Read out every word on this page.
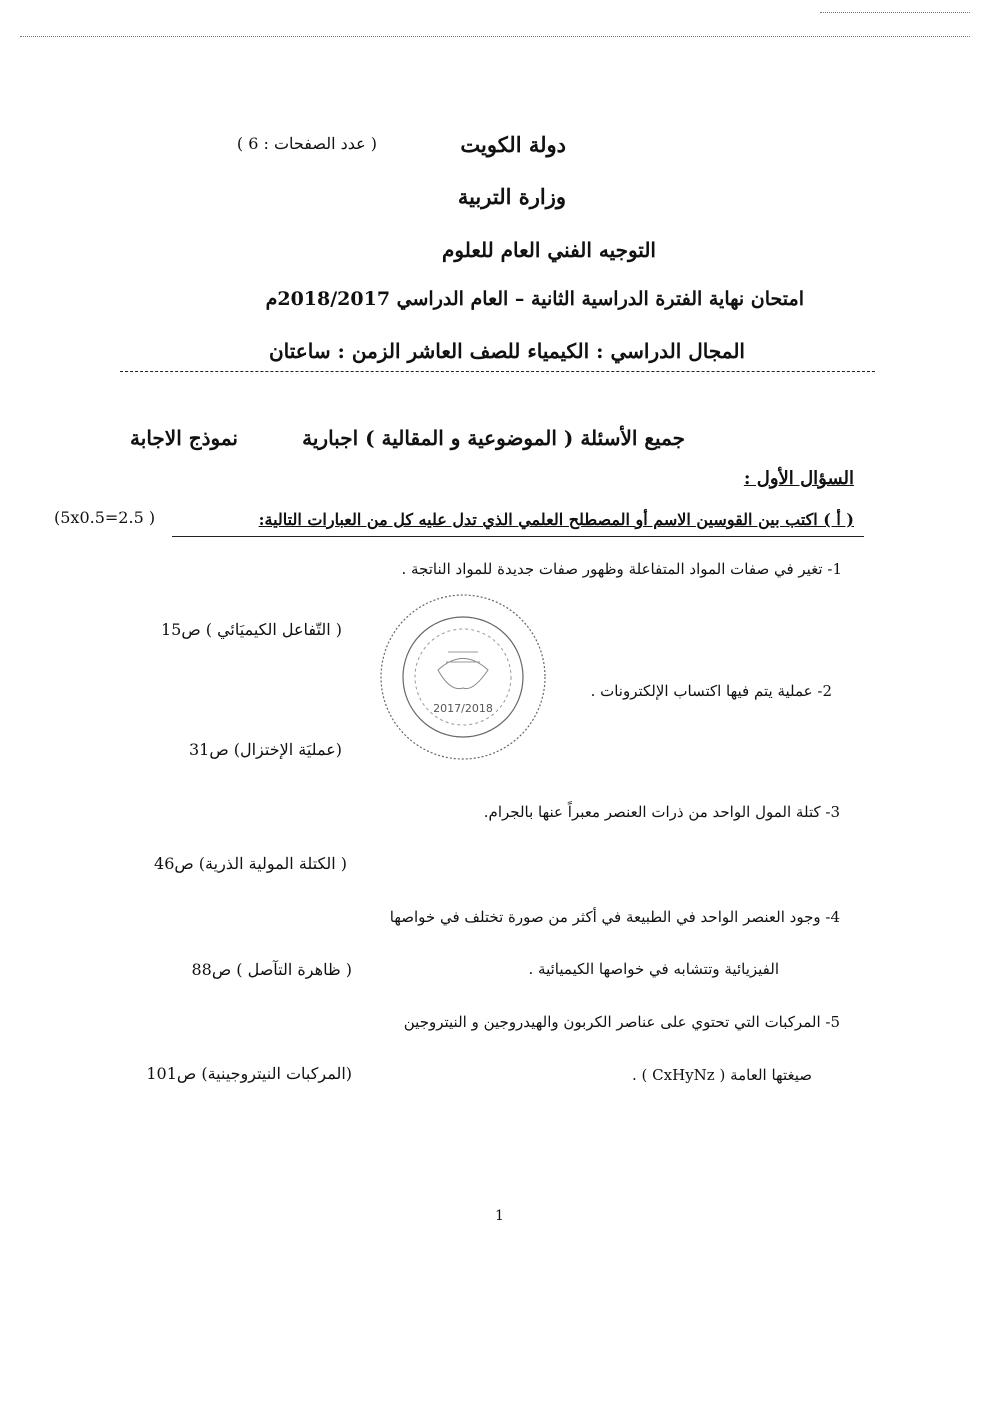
دولة الكويت
( عدد الصفحات : 6 )
وزارة التربية
التوجيه الفني العام للعلوم
امتحان نهاية الفترة الدراسية الثانية – العام الدراسي 2018/2017م
المجال الدراسي : الكيمياء للصف العاشر الزمن : ساعتان
جميع الأسئلة ( الموضوعية و المقالية ) اجبارية
نموذج الاجابة
السؤال الأول :
( أ ) اكتب بين القوسين الاسم أو المصطلح العلمي الذي تدل عليه كل من العبارات التالية:
(5x0.5=2.5 )
1- تغير في صفات المواد المتفاعلة وظهور صفات جديدة للمواد الناتجة .
( التّفاعل الكيميَائي ) ص15
2- عملية يتم فيها اكتساب الإلكترونات .
(عمليَة الإختزال) ص31
3- كتلة المول الواحد من ذرات العنصر معبراً عنها بالجرام.
( الكتلة المولية الذرية) ص46
4- وجود العنصر الواحد في الطبيعة في أكثر من صورة تختلف في خواصها
الفيزيائية وتتشابه في خواصها الكيميائية .
( ظاهرة التآصل ) ص88
5- المركبات التي تحتوي على عناصر الكربون والهيدروجين و النيتروجين
صيغتها العامة ( CxHyNz ) .
(المركبات النيتروجينية) ص101
2017/2018
1
